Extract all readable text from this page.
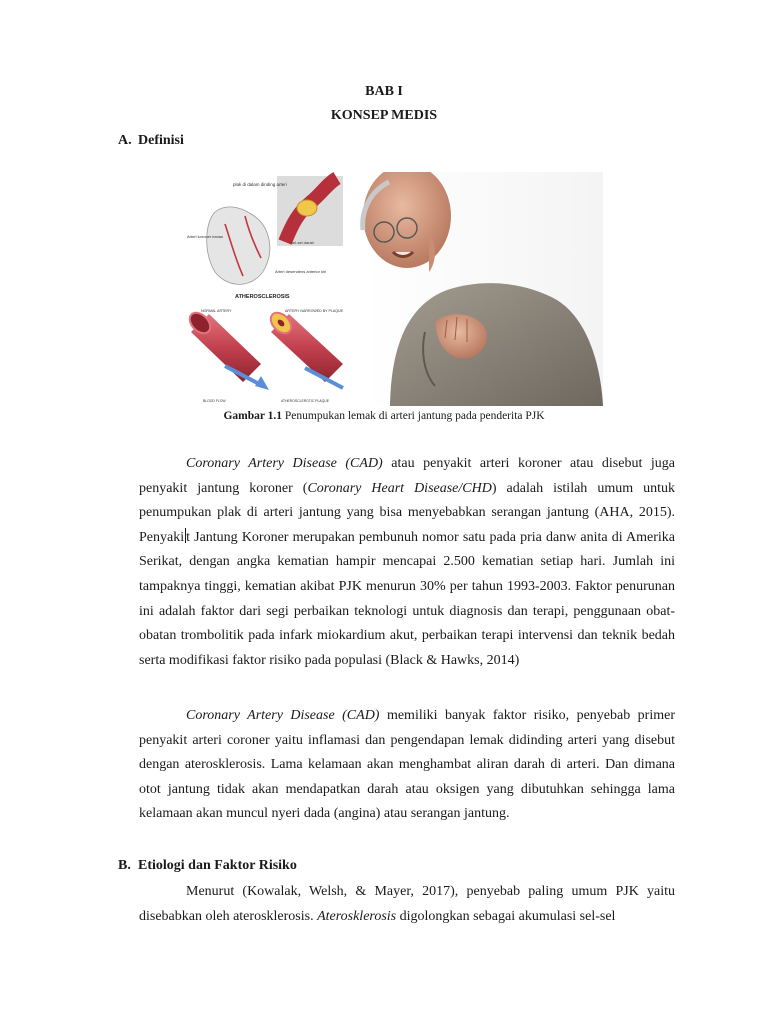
BAB I
KONSEP MEDIS
A. Definisi
plak di dalam dinding arteri
sel-sel darah
Arteri koroner kanan
Arteri desendens anterior kiri
ATHEROSCLEROSIS
NORMAL ARTERY	ARTERY NARROWED BY PLAQUE
BLOOD FLOW	ATHEROSCLEROTIC PLAQUE
Gambar 1.1 Penumpukan lemak di arteri jantung pada penderita PJK
Coronary Artery Disease (CAD) atau penyakit arteri koroner atau disebut juga penyakit jantung koroner (Coronary Heart Disease/CHD) adalah istilah umum untuk penumpukan plak di arteri jantung yang bisa menyebabkan serangan jantung (AHA, 2015). Penyaki t Jantung Koroner merupakan pembunuh nomor satu pada pria danw anita di Amerika Serikat, dengan angka kematian hampir mencapai 2.500 kematian setiap hari. Jumlah ini tampaknya tinggi, kematian akibat PJK menurun 30% per tahun 1993-2003. Faktor penurunan ini adalah faktor dari segi perbaikan teknologi untuk diagnosis dan terapi, penggunaan obat-obatan trombolitik pada infark miokardium akut, perbaikan terapi intervensi dan teknik bedah serta modifikasi faktor risiko pada populasi (Black & Hawks, 2014)
Coronary Artery Disease (CAD) memiliki banyak faktor risiko, penyebab primer penyakit arteri coroner yaitu inflamasi dan pengendapan lemak didinding arteri yang disebut dengan aterosklerosis. Lama kelamaan akan menghambat aliran darah di arteri. Dan dimana otot jantung tidak akan mendapatkan darah atau oksigen yang dibutuhkan sehingga lama kelamaan akan muncul nyeri dada (angina) atau serangan jantung.
B. Etiologi dan Faktor Risiko
Menurut (Kowalak, Welsh, & Mayer, 2017), penyebab paling umum PJK yaitu disebabkan oleh aterosklerosis. Aterosklerosis digolongkan sebagai akumulasi sel-sel
